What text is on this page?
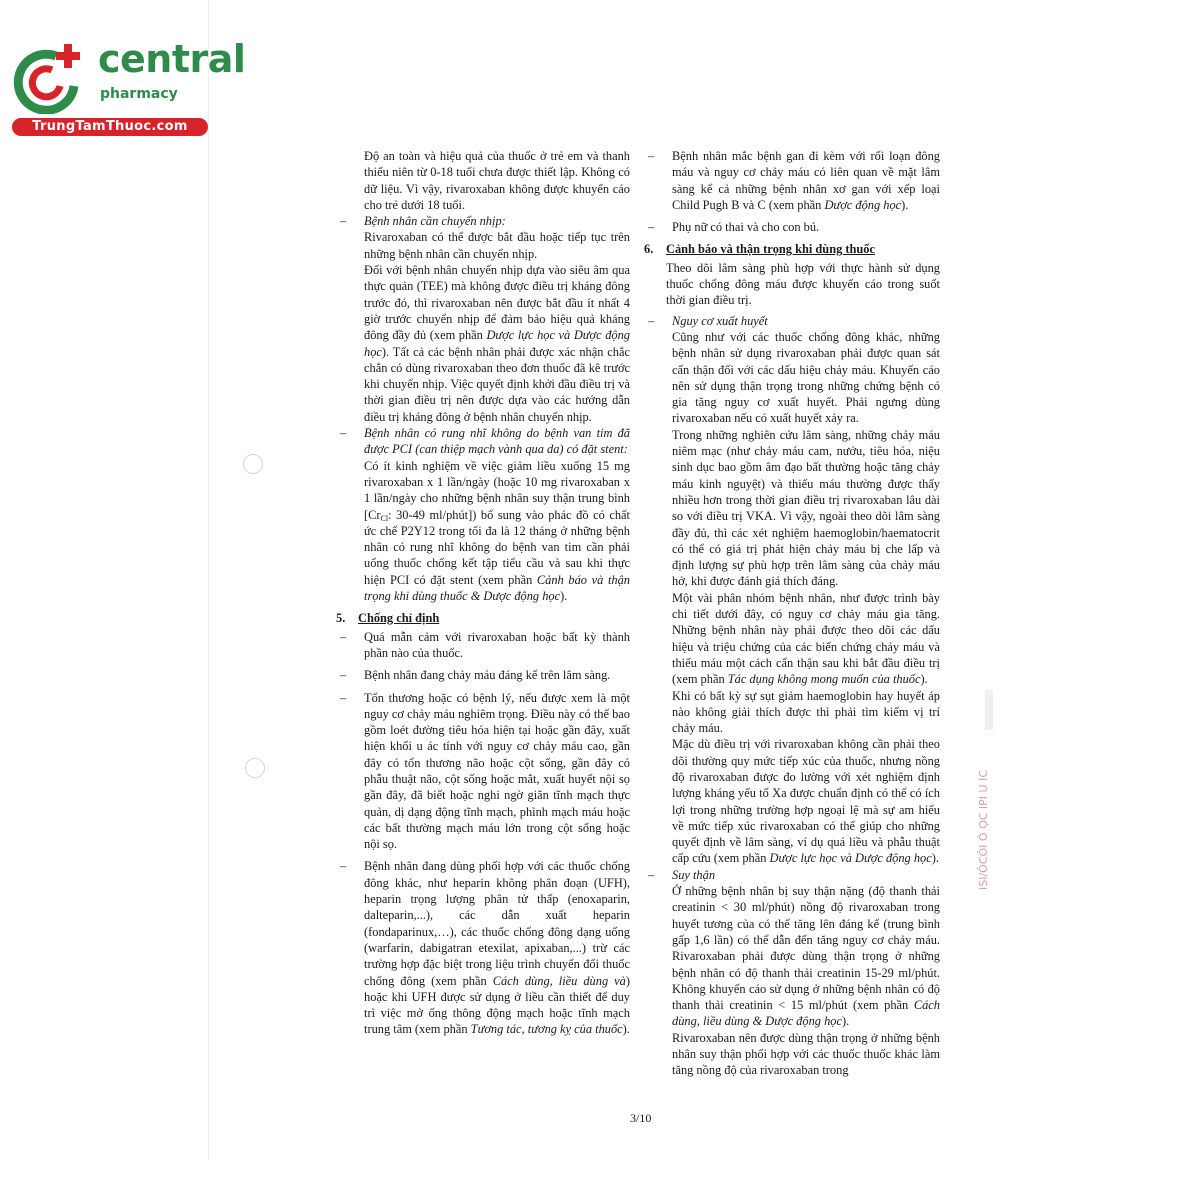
central
pharmacy
TrungTamThuoc.com

Độ an toàn và hiệu quả của thuốc ở trẻ em và thanh thiếu niên từ 0-18 tuổi chưa được thiết lập. Không có dữ liệu. Vì vậy, rivaroxaban không được khuyến cáo cho trẻ dưới 18 tuổi.

– Bệnh nhân cần chuyển nhịp:
Rivaroxaban có thể được bắt đầu hoặc tiếp tục trên những bệnh nhân cần chuyển nhịp.
Đối với bệnh nhân chuyển nhịp dựa vào siêu âm qua thực quản (TEE) mà không được điều trị kháng đông trước đó, thì rivaroxaban nên được bắt đầu ít nhất 4 giờ trước chuyển nhịp để đảm bảo hiệu quả kháng đông đầy đủ (xem phần Dược lực học và Dược động học). Tất cả các bệnh nhân phải được xác nhận chắc chắn có dùng rivaroxaban theo đơn thuốc đã kê trước khi chuyển nhịp. Việc quyết định khởi đầu điều trị và thời gian điều trị nên được dựa vào các hướng dẫn điều trị kháng đông ở bệnh nhân chuyển nhịp.
– Bệnh nhân có rung nhĩ không do bệnh van tim đã được PCI (can thiệp mạch vành qua da) có đặt stent:
Có ít kinh nghiệm về việc giảm liều xuống 15 mg rivaroxaban x 1 lần/ngày (hoặc 10 mg rivaroxaban x 1 lần/ngày cho những bệnh nhân suy thận trung bình [$Cr_{Cl}$: 30-49 ml/phút]) bổ sung vào phác đồ có chất ức chế P2Y12 trong tối đa là 12 tháng ở những bệnh nhân có rung nhĩ không do bệnh van tim cần phải uống thuốc chống kết tập tiểu cầu và sau khi thực hiện PCI có đặt stent (xem phần Cảnh báo và thận trọng khi dùng thuốc & Dược động học).
5. Chống chỉ định
– Quá mẫn cảm với rivaroxaban hoặc bất kỳ thành phần nào của thuốc.
– Bệnh nhân đang chảy máu đáng kể trên lâm sàng.
– Tổn thương hoặc có bệnh lý, nếu được xem là một nguy cơ chảy máu nghiêm trọng. Điều này có thể bao gồm loét đường tiêu hóa hiện tại hoặc gần đây, xuất hiện khối u ác tính với nguy cơ chảy máu cao, gần đây có tổn thương não hoặc cột sống, gần đây có phẫu thuật não, cột sống hoặc mắt, xuất huyết nội sọ gần đây, đã biết hoặc nghi ngờ giãn tĩnh mạch thực quản, dị dạng động tĩnh mạch, phình mạch máu hoặc các bất thường mạch máu lớn trong cột sống hoặc nội sọ.
– Bệnh nhân đang dùng phối hợp với các thuốc chống đông khác, như heparin không phân đoạn (UFH), heparin trọng lượng phân tử thấp (enoxaparin, dalteparin,...), các dẫn xuất heparin (fondaparinux,…), các thuốc chống đông dạng uống (warfarin, dabigatran etexilat, apixaban,...) trừ các trường hợp đặc biệt trong liệu trình chuyển đổi thuốc chống đông (xem phần Cách dùng, liều dùng và) hoặc khi UFH được sử dụng ở liều cần thiết để duy trì việc mở ống thông động mạch hoặc tĩnh mạch trung tâm (xem phần Tương tác, tương kỵ của thuốc).
– Bệnh nhân mắc bệnh gan đi kèm với rối loạn đông máu và nguy cơ chảy máu có liên quan về mặt lâm sàng kể cả những bệnh nhân xơ gan với xếp loại Child Pugh B và C (xem phần Dược động học).
– Phụ nữ có thai và cho con bú.
6. Cảnh báo và thận trọng khi dùng thuốc

Theo dõi lâm sàng phù hợp với thực hành sử dụng thuốc chống đông máu được khuyến cáo trong suốt thời gian điều trị.

– Nguy cơ xuất huyết
Cũng như với các thuốc chống đông khác, những bệnh nhân sử dụng rivaroxaban phải được quan sát cẩn thận đối với các dấu hiệu chảy máu. Khuyến cáo nên sử dụng thận trọng trong những chứng bệnh có gia tăng nguy cơ xuất huyết. Phải ngưng dùng rivaroxaban nếu có xuất huyết xảy ra.
Trong những nghiên cứu lâm sàng, những chảy máu niêm mạc (như chảy máu cam, nướu, tiêu hóa, niệu sinh dục bao gồm âm đạo bất thường hoặc tăng chảy máu kinh nguyệt) và thiếu máu thường được thấy nhiều hơn trong thời gian điều trị rivaroxaban lâu dài so với điều trị VKA. Vì vậy, ngoài theo dõi lâm sàng đầy đủ, thì các xét nghiệm haemoglobin/haematocrit có thể có giá trị phát hiện chảy máu bị che lấp và định lượng sự phù hợp trên lâm sàng của chảy máu hở, khi được đánh giá thích đáng.
Một vài phân nhóm bệnh nhân, như được trình bày chi tiết dưới đây, có nguy cơ chảy máu gia tăng. Những bệnh nhân này phải được theo dõi các dấu hiệu và triệu chứng của các biến chứng chảy máu và thiếu máu một cách cẩn thận sau khi bắt đầu điều trị (xem phần Tác dụng không mong muốn của thuốc).
Khi có bất kỳ sự sụt giảm haemoglobin hay huyết áp nào không giải thích được thì phải tìm kiếm vị trí chảy máu.
Mặc dù điều trị với rivaroxaban không cần phải theo dõi thường quy mức tiếp xúc của thuốc, nhưng nồng độ rivaroxaban được đo lường với xét nghiệm định lượng kháng yếu tố Xa được chuẩn định có thể có ích lợi trong những trường hợp ngoại lệ mà sự am hiểu về mức tiếp xúc rivaroxaban có thể giúp cho những quyết định về lâm sàng, ví dụ quá liều và phẫu thuật cấp cứu (xem phần Dược lực học và Dược động học).
– Suy thận
Ở những bệnh nhân bị suy thận nặng (độ thanh thải creatinin < 30 ml/phút) nồng độ rivaroxaban trong huyết tương của có thể tăng lên đáng kể (trung bình gấp 1,6 lần) có thể dẫn đến tăng nguy cơ chảy máu. Rivaroxaban phải được dùng thận trọng ở những bệnh nhân có độ thanh thải creatinin 15-29 ml/phút. Không khuyến cáo sử dụng ở những bệnh nhân có độ thanh thải creatinin < 15 ml/phút (xem phần Cách dùng, liều dùng & Dược động học).
Rivaroxaban nên được dùng thận trọng ở những bệnh nhân suy thận phối hợp với các thuốc thuốc khác làm tăng nồng độ của rivaroxaban trong
ISI/ÔCÔI Ô ỌC IPI U IC
3/10
